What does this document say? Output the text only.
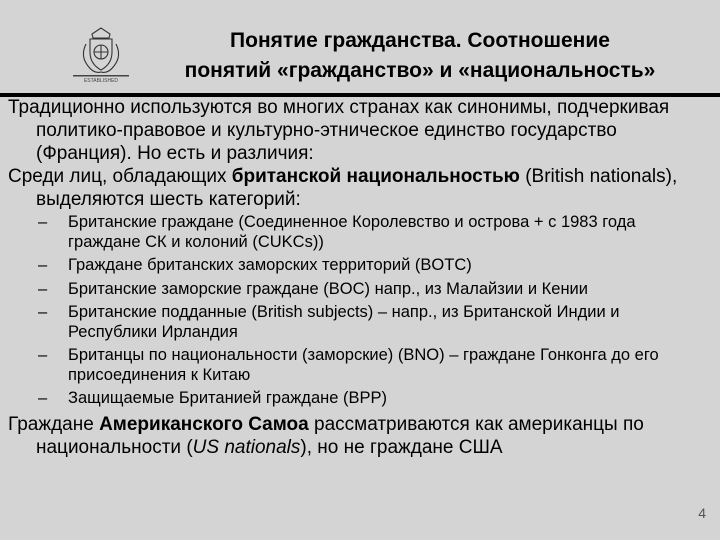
ESTABLISHED
Понятие гражданства. Соотношение
понятий «гражданство» и «национальность»

Традиционно используются во многих странах как синонимы, подчеркивая политико-правовое и культурно-этническое единство государство (Франция). Но есть и различия:

Среди лиц, обладающих британской национальностью (British nationals), выделяются шесть категорий:

– Британские граждане (Соединенное Королевство и острова + с 1983 года граждане СК и колоний (CUKCs))

– Граждане британских заморских территорий (BOTC)

– Британские заморские граждане (BOC) напр., из Малайзии и Кении

– Британские подданные (British subjects) – напр., из Британской Индии и Республики Ирландия

– Британцы по национальности (заморские) (BNO) – граждане Гонконга до его присоединения к Китаю

– Защищаемые Британией граждане (BPP)

Граждане Американского Самоа рассматриваются как американцы по национальности (US nationals), но не граждане США

4
